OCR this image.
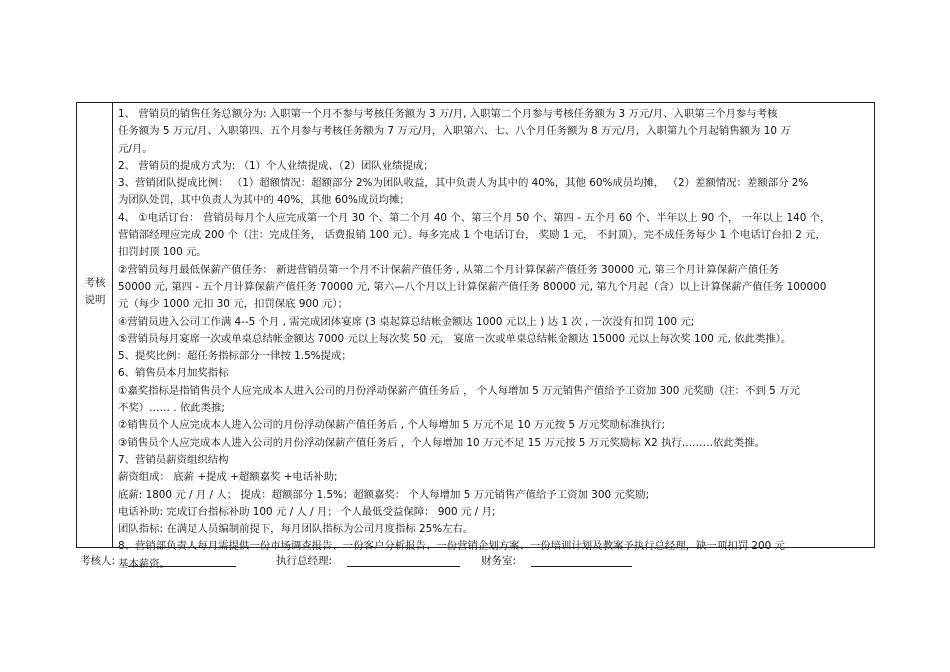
考核
说明
1、 营销员的销售任务总额分为: 入职第一个月不参与考核任务额为 3 万/月, 入职第二个月参与考核任务额为 3 万元/月、入职第三个月参与考核
任务额为 5 万元/月、入职第四、五个月参与考核任务额为 7 万元/月，入职第六、七、八个月任务额为 8 万元/月，入职第九个月起销售额为 10 万
元/月。
2、 营销员的提成方式为: （1）个人业绩提成、（2）团队业绩提成；
3、营销团队提成比例： （1）超额情况：超额部分 2%为团队收益，其中负责人为其中的 40%，其他 60%成员均摊， （2）差额情况：差额部分 2%
为团队处罚，其中负责人为其中的 40%，其他 60%成员均摊；
4、 ①电话订台： 营销员每月个人应完成第一个月 30 个、第二个月 40 个、第三个月 50 个、第四 - 五个月 60 个、半年以上 90 个， 一年以上 140 个，
营销部经理应完成 200 个（注：完成任务， 话费报销 100 元）。每多完成 1 个电话订台， 奖励 1 元， 不封顶），完不成任务每少 1 个电话订台扣 2 元，
扣罚封顶 100 元。
②营销员每月最低保薪产值任务： 新进营销员第一个月不计保薪产值任务 , 从第二个月计算保薪产值任务 30000 元, 第三个月计算保薪产值任务
50000 元, 第四 - 五个月计算保薪产值任务 70000 元, 第六—八个月以上计算保薪产值任务 80000 元, 第九个月起（含）以上计算保薪产值任务 100000
元（每少 1000 元扣 30 元，扣罚保底 900 元）；
④营销员进入公司工作满 4--5 个月 , 需完成团体宴席 (3 桌起算总结帐金额达 1000 元以上 ) 达 1 次 , 一次没有扣罚 100 元;
⑤营销员每月宴席一次或单桌总结帐金额达 7000 元以上每次奖 50 元， 宴席一次或单桌总结帐金额达 15000 元以上每次奖 100 元, 依此类推）。
5、提奖比例：超任务指标部分一律按 1.5%提成；
6、销售员本月加奖指标
①嘉奖指标是指销售员个人应完成本人进入公司的月份浮动保薪产值任务后 ， 个人每增加 5 万元销售产值给予工资加 300 元奖励（注：不到 5 万元
不奖）…… . 依此类推;
②销售员个人应完成本人进入公司的月份浮动保薪产值任务后 , 个人每增加 5 万元不足 10 万元按 5 万元奖励标准执行;
③销售员个人应完成本人进入公司的月份浮动保薪产值任务后 ，个人每增加 10 万元不足 15 万元按 5 万元奖励标 X2 执行………依此类推。
7、营销员薪资组织结构
薪资组成： 底薪 +提成 +超额嘉奖 +电话补助;
底薪: 1800 元 / 月 / 人； 提成：超额部分 1.5%；超额嘉奖： 个人每增加 5 万元销售产值给予工资加 300 元奖励;
电话补助: 完成订台指标补助 100 元 / 人 / 月； 个人最低受益保障： 900 元 / 月;
团队指标: 在满足人员编制前提下，每月团队指标为公司月度指标 25%左右。
8、营销部负责人每月需提供一份市场调查报告、一份客户分析报告、一份营销企划方案、一份培训计划及教案予执行总经理，缺一项扣罚 200 元
基本薪资。
考核人:	执行总经理:	财务室:
